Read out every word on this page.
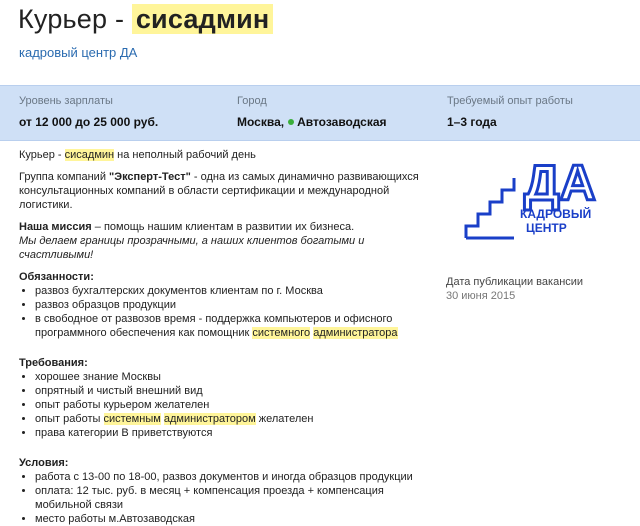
Курьер - сисадмин
кадровый центр ДА
Уровень зарплаты
от 12 000 до 25 000 руб.
Город
Москва, Автозаводская
Требуемый опыт работы
1–3 года

Курьер - сисадмин на неполный рабочий день

Группа компаний "Эксперт-Тест" - одна из самых динамично развивающихся консультационных компаний в области сертификации и международной логистики.

Наша миссия – помощь нашим клиентам в развитии их бизнеса.
Мы делаем границы прозрачными, а наших клиентов богатыми и счастливыми!

Обязанности:
• развоз бухгалтерских документов клиентам по г. Москва
• развоз образцов продукции
• в свободное от развозов время - поддержка компьютеров и офисного программного обеспечения как помощник системного администратора
Требования:
• хорошее знание Москвы
• опрятный и чистый внешний вид
• опыт работы курьером желателен
• опыт работы системным администратором желателен
• права категории В приветствуются
Условия:
• работа с 13-00 по 18-00, развоз документов и иногда образцов продукции
• оплата: 12 тыс. руб. в месяц + компенсация проезда + компенсация мобильной связи
• место работы м.Автозаводская
ДА
КАДРОВЫЙ
ЦЕНТР
Дата публикации вакансии
30 июня 2015
